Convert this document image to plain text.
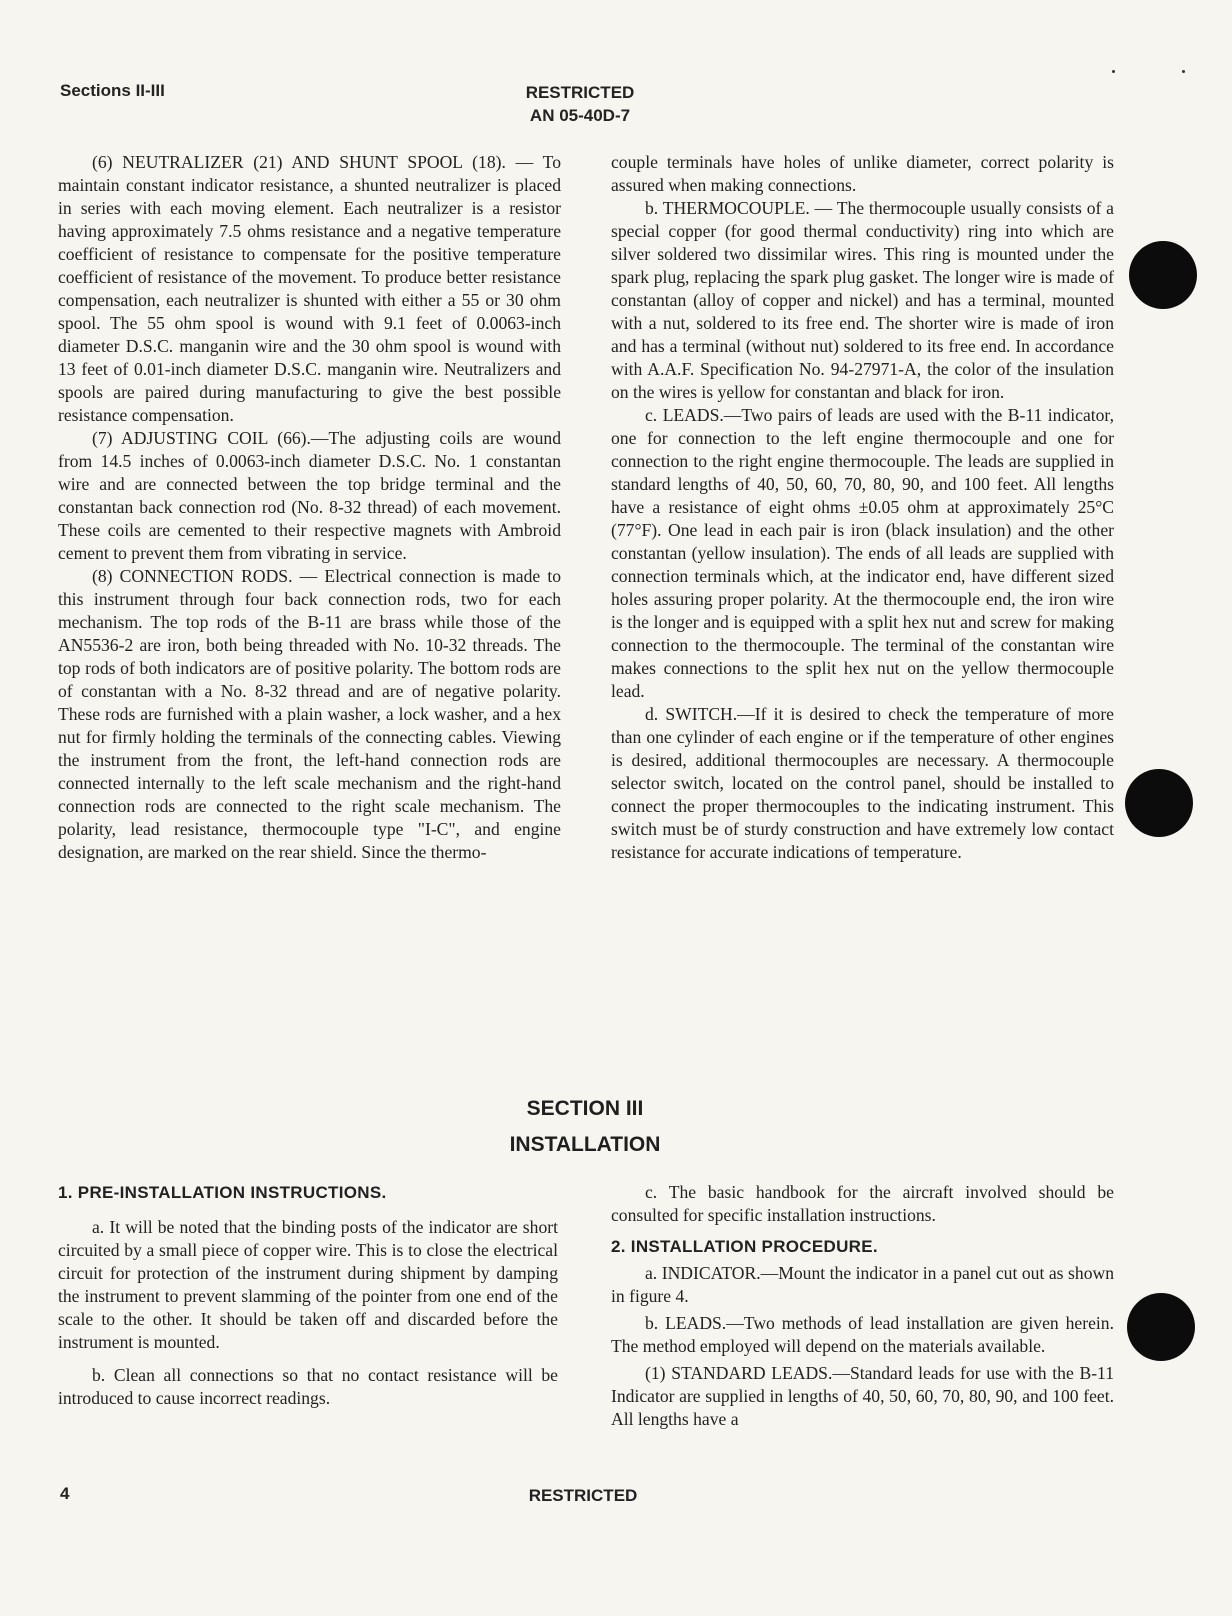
Sections II-III	RESTRICTED
AN 05-40D-7

(6) NEUTRALIZER (21) AND SHUNT SPOOL (18). — To maintain constant indicator resistance, a shunted neutralizer is placed in series with each moving element. Each neutralizer is a resistor having approximately 7.5 ohms resistance and a negative temperature coefficient of resistance to compensate for the positive temperature coefficient of resistance of the movement. To produce better resistance compensation, each neutralizer is shunted with either a 55 or 30 ohm spool. The 55 ohm spool is wound with 9.1 feet of 0.0063-inch diameter D.S.C. manganin wire and the 30 ohm spool is wound with 13 feet of 0.01-inch diameter D.S.C. manganin wire. Neutralizers and spools are paired during manufacturing to give the best possible resistance compensation.

(7) ADJUSTING COIL (66).—The adjusting coils are wound from 14.5 inches of 0.0063-inch diameter D.S.C. No. 1 constantan wire and are connected between the top bridge terminal and the constantan back connection rod (No. 8-32 thread) of each movement. These coils are cemented to their respective magnets with Ambroid cement to prevent them from vibrating in service.

(8) CONNECTION RODS. — Electrical connection is made to this instrument through four back connection rods, two for each mechanism. The top rods of the B-11 are brass while those of the AN5536-2 are iron, both being threaded with No. 10-32 threads. The top rods of both indicators are of positive polarity. The bottom rods are of constantan with a No. 8-32 thread and are of negative polarity. These rods are furnished with a plain washer, a lock washer, and a hex nut for firmly holding the terminals of the connecting cables. Viewing the instrument from the front, the left-hand connection rods are connected internally to the left scale mechanism and the right-hand connection rods are connected to the right scale mechanism. The polarity, lead resistance, thermocouple type "I-C", and engine designation, are marked on the rear shield. Since the thermo-

couple terminals have holes of unlike diameter, correct polarity is assured when making connections.

b. THERMOCOUPLE. — The thermocouple usually consists of a special copper (for good thermal conductivity) ring into which are silver soldered two dissimilar wires. This ring is mounted under the spark plug, replacing the spark plug gasket. The longer wire is made of constantan (alloy of copper and nickel) and has a terminal, mounted with a nut, soldered to its free end. The shorter wire is made of iron and has a terminal (without nut) soldered to its free end. In accordance with A.A.F. Specification No. 94-27971-A, the color of the insulation on the wires is yellow for constantan and black for iron.

c. LEADS.—Two pairs of leads are used with the B-11 indicator, one for connection to the left engine thermocouple and one for connection to the right engine thermocouple. The leads are supplied in standard lengths of 40, 50, 60, 70, 80, 90, and 100 feet. All lengths have a resistance of eight ohms ±0.05 ohm at approximately 25°C (77°F). One lead in each pair is iron (black insulation) and the other constantan (yellow insulation). The ends of all leads are supplied with connection terminals which, at the indicator end, have different sized holes assuring proper polarity. At the thermocouple end, the iron wire is the longer and is equipped with a split hex nut and screw for making connection to the thermocouple. The terminal of the constantan wire makes connections to the split hex nut on the yellow thermocouple lead.

d. SWITCH.—If it is desired to check the temperature of more than one cylinder of each engine or if the temperature of other engines is desired, additional thermocouples are necessary. A thermocouple selector switch, located on the control panel, should be installed to connect the proper thermocouples to the indicating instrument. This switch must be of sturdy construction and have extremely low contact resistance for accurate indications of temperature.

SECTION III
INSTALLATION

1. PRE-INSTALLATION INSTRUCTIONS.

a. It will be noted that the binding posts of the indicator are short circuited by a small piece of copper wire. This is to close the electrical circuit for protection of the instrument during shipment by damping the instrument to prevent slamming of the pointer from one end of the scale to the other. It should be taken off and discarded before the instrument is mounted.

b. Clean all connections so that no contact resistance will be introduced to cause incorrect readings.

c. The basic handbook for the aircraft involved should be consulted for specific installation instructions.

2. INSTALLATION PROCEDURE.

a. INDICATOR.—Mount the indicator in a panel cut out as shown in figure 4.

b. LEADS.—Two methods of lead installation are given herein. The method employed will depend on the materials available.

(1) STANDARD LEADS.—Standard leads for use with the B-11 Indicator are supplied in lengths of 40, 50, 60, 70, 80, 90, and 100 feet. All lengths have a

4	RESTRICTED
